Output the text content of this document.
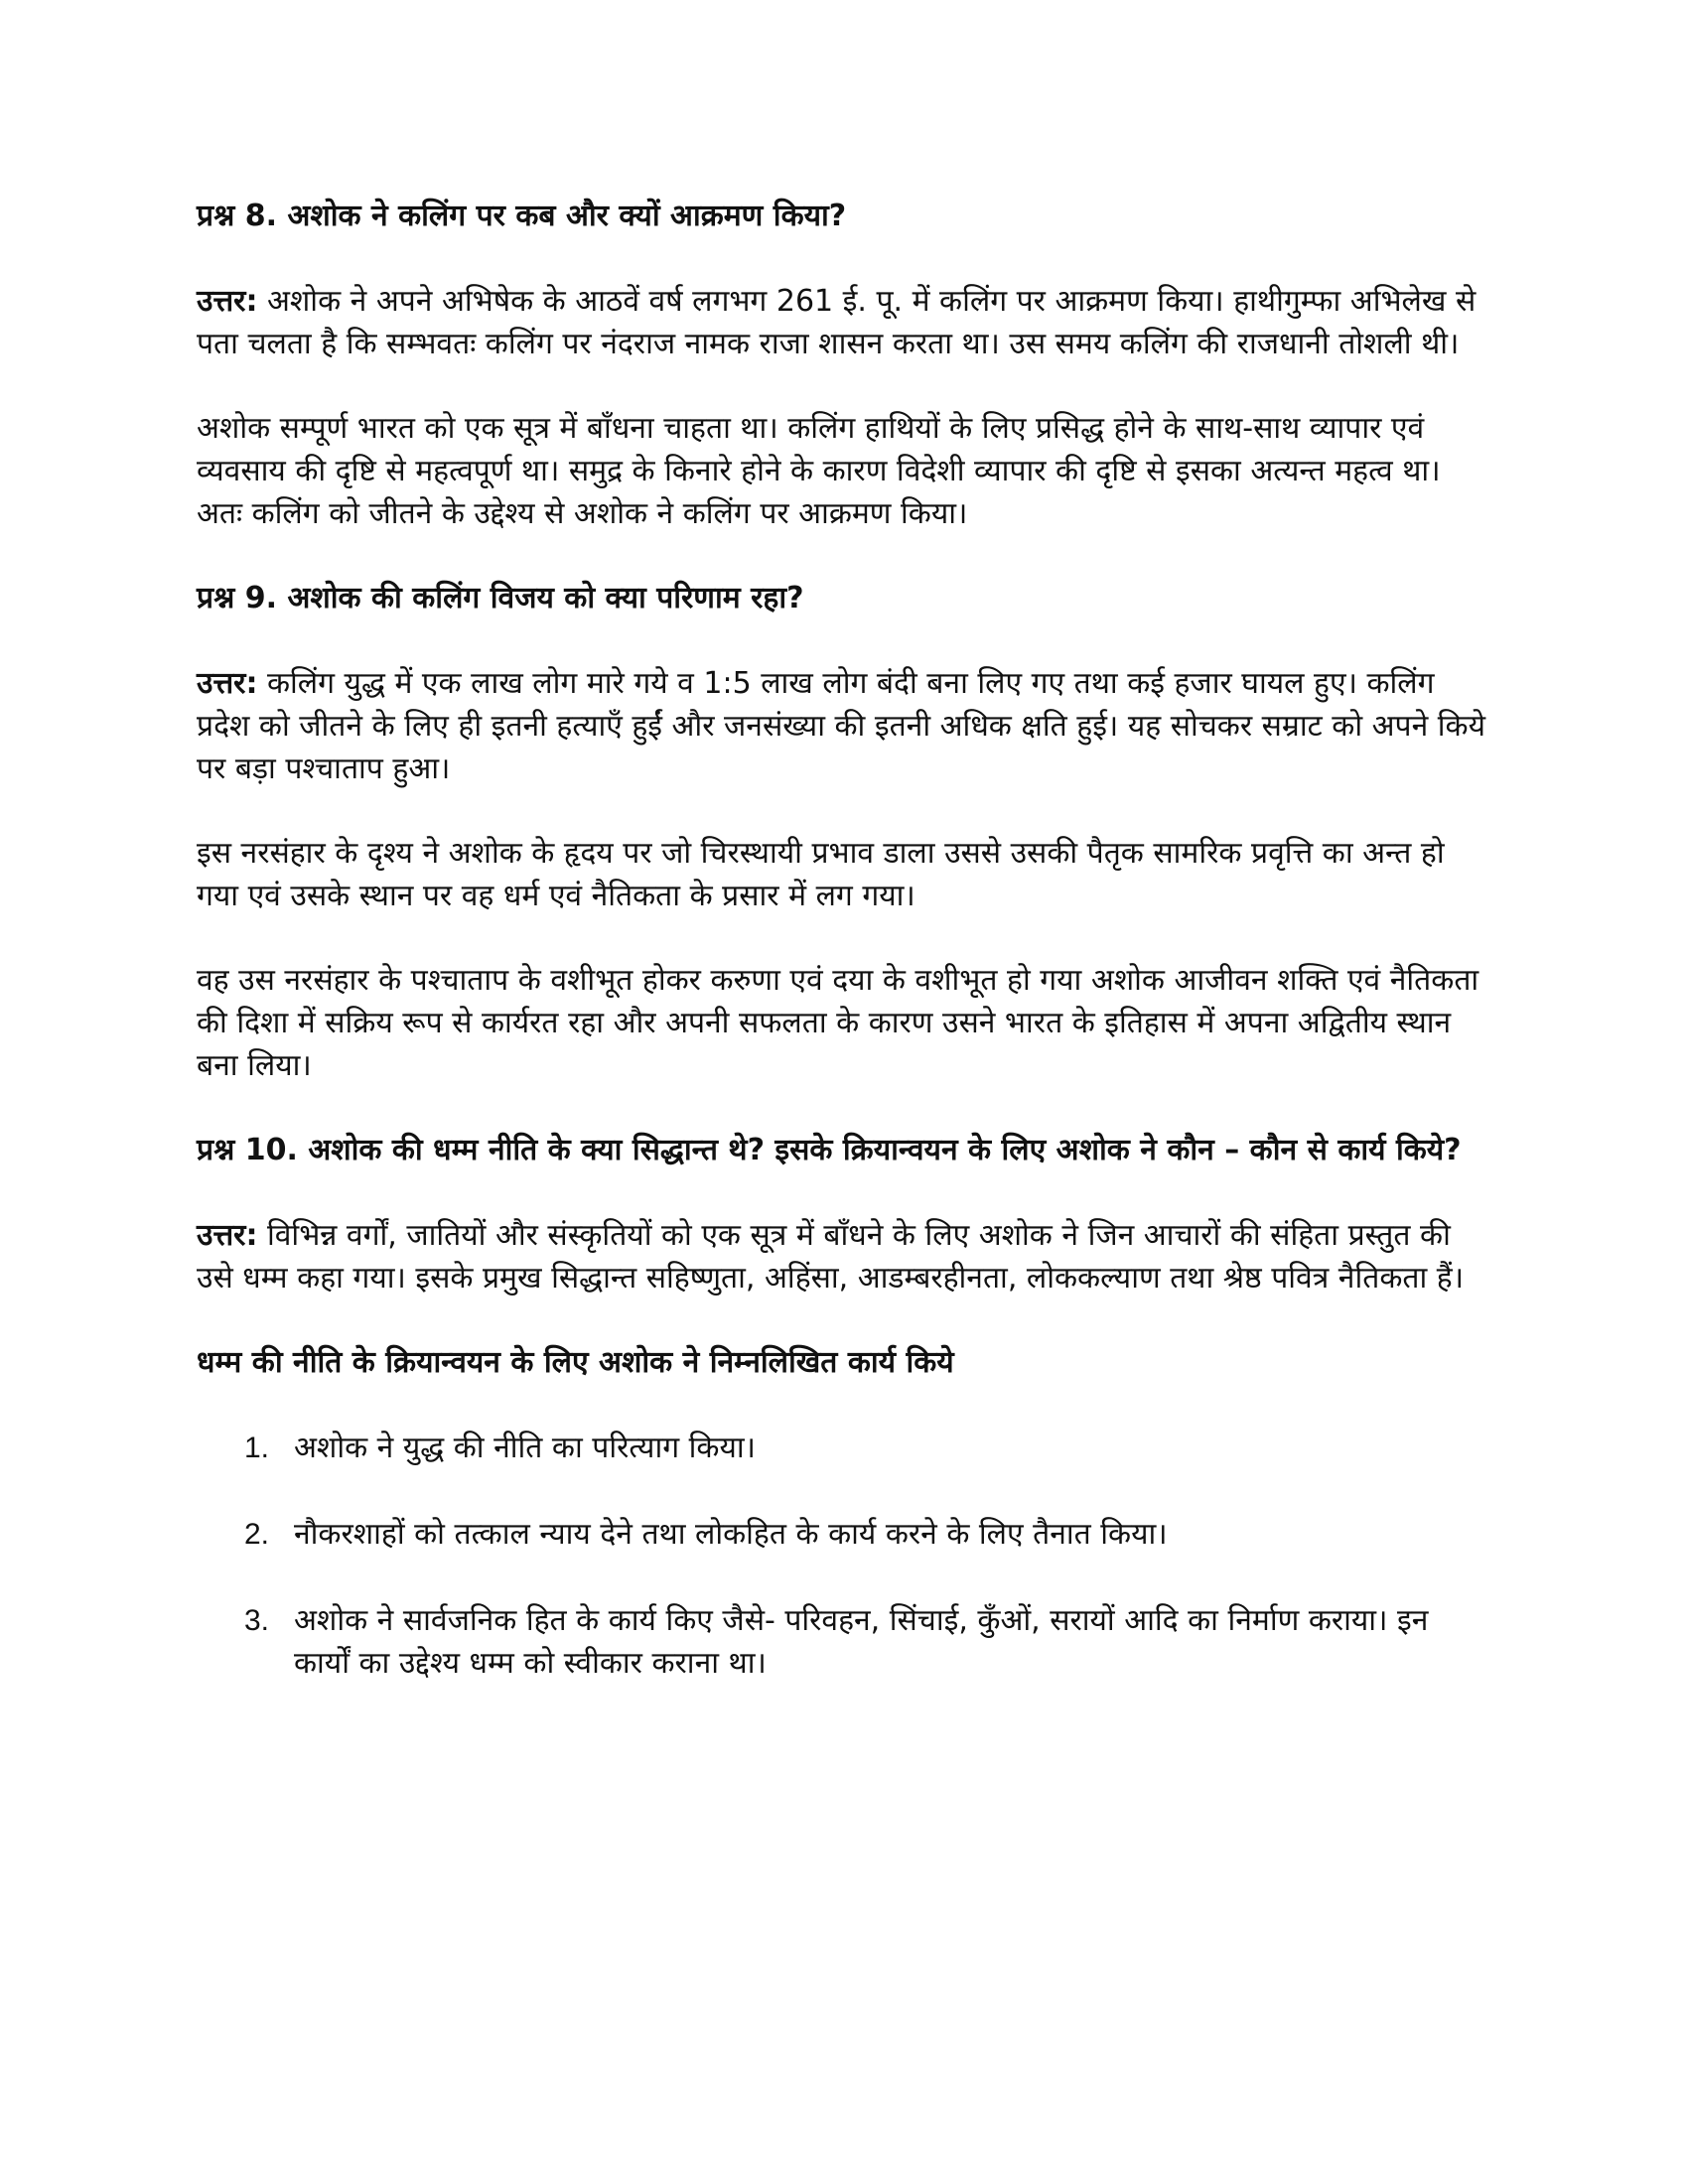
प्रश्न 8. अशोक ने कलिंग पर कब और क्यों आक्रमण किया?

उत्तर: अशोक ने अपने अभिषेक के आठवें वर्ष लगभग 261 ई. पू. में कलिंग पर आक्रमण किया। हाथीगुम्फा अभिलेख से पता चलता है कि सम्भवतः कलिंग पर नंदराज नामक राजा शासन करता था। उस समय कलिंग की राजधानी तोशली थी।

अशोक सम्पूर्ण भारत को एक सूत्र में बाँधना चाहता था। कलिंग हाथियों के लिए प्रसिद्ध होने के साथ-साथ व्यापार एवं व्यवसाय की दृष्टि से महत्वपूर्ण था। समुद्र के किनारे होने के कारण विदेशी व्यापार की दृष्टि से इसका अत्यन्त महत्व था। अतः कलिंग को जीतने के उद्देश्य से अशोक ने कलिंग पर आक्रमण किया।

प्रश्न 9. अशोक की कलिंग विजय को क्या परिणाम रहा?

उत्तर: कलिंग युद्ध में एक लाख लोग मारे गये व 1:5 लाख लोग बंदी बना लिए गए तथा कई हजार घायल हुए। कलिंग प्रदेश को जीतने के लिए ही इतनी हत्याएँ हुईं और जनसंख्या की इतनी अधिक क्षति हुई। यह सोचकर सम्राट को अपने किये पर बड़ा पश्चाताप हुआ।

इस नरसंहार के दृश्य ने अशोक के हृदय पर जो चिरस्थायी प्रभाव डाला उससे उसकी पैतृक सामरिक प्रवृत्ति का अन्त हो गया एवं उसके स्थान पर वह धर्म एवं नैतिकता के प्रसार में लग गया।

वह उस नरसंहार के पश्चाताप के वशीभूत होकर करुणा एवं दया के वशीभूत हो गया अशोक आजीवन शक्ति एवं नैतिकता की दिशा में सक्रिय रूप से कार्यरत रहा और अपनी सफलता के कारण उसने भारत के इतिहास में अपना अद्वितीय स्थान बना लिया।

प्रश्न 10. अशोक की धम्म नीति के क्या सिद्धान्त थे? इसके क्रियान्वयन के लिए अशोक ने कौन – कौन से कार्य किये?

उत्तर: विभिन्न वर्गों, जातियों और संस्कृतियों को एक सूत्र में बाँधने के लिए अशोक ने जिन आचारों की संहिता प्रस्तुत की उसे धम्म कहा गया। इसके प्रमुख सिद्धान्त सहिष्णुता, अहिंसा, आडम्बरहीनता, लोककल्याण तथा श्रेष्ठ पवित्र नैतिकता हैं।

धम्म की नीति के क्रियान्वयन के लिए अशोक ने निम्नलिखित कार्य किये
1. अशोक ने युद्ध की नीति का परित्याग किया।
2. नौकरशाहों को तत्काल न्याय देने तथा लोकहित के कार्य करने के लिए तैनात किया।
3. अशोक ने सार्वजनिक हित के कार्य किए जैसे- परिवहन, सिंचाई, कुँओं, सरायों आदि का निर्माण कराया। इन कार्यों का उद्देश्य धम्म को स्वीकार कराना था।
